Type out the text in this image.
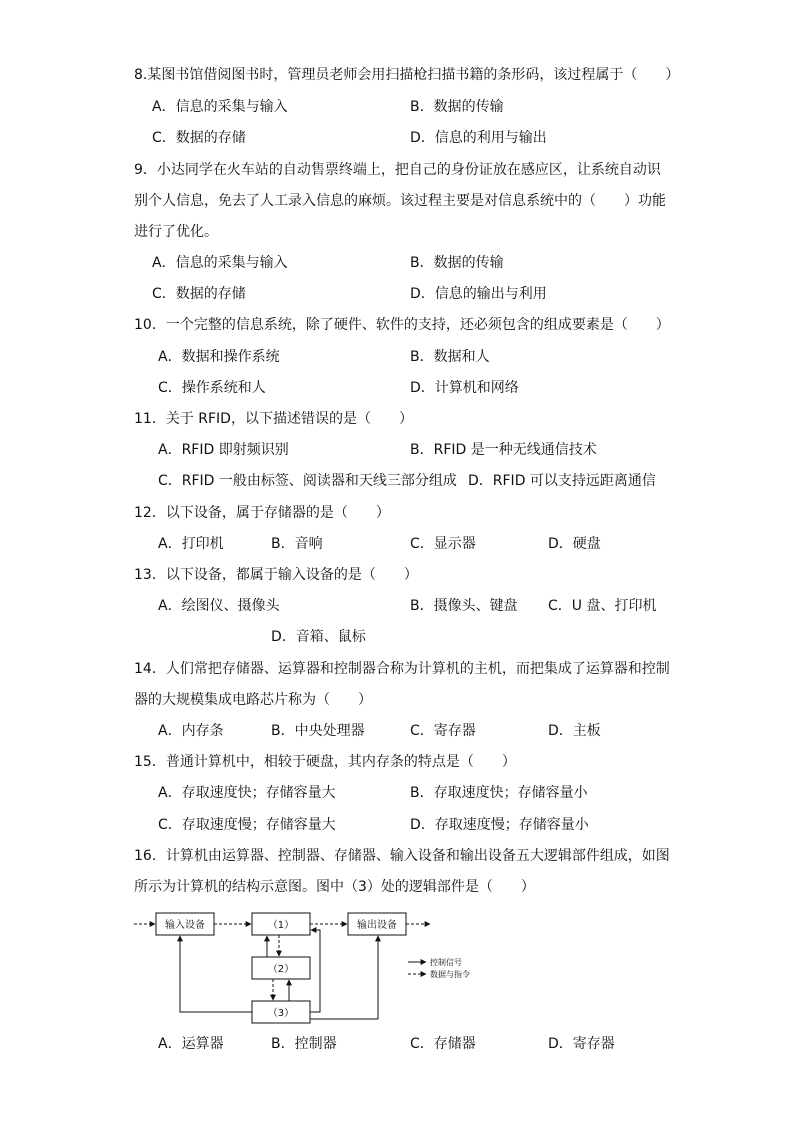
8.某图书馆借阅图书时，管理员老师会用扫描枪扫描书籍的条形码，该过程属于（　　）
A．信息的采集与输入	B．数据的传输
C．数据的存储	D．信息的利用与输出
9．小达同学在火车站的自动售票终端上，把自己的身份证放在感应区，让系统自动识
别个人信息，免去了人工录入信息的麻烦。该过程主要是对信息系统中的（　　）功能
进行了优化。
A．信息的采集与输入	B．数据的传输
C．数据的存储	D．信息的输出与利用
10．一个完整的信息系统，除了硬件、软件的支持，还必须包含的组成要素是（　　）
A．数据和操作系统	B．数据和人
C．操作系统和人	D．计算机和网络
11．关于 RFID，以下描述错误的是（　　）
A．RFID 即射频识别	B．RFID 是一种无线通信技术
C．RFID 一般由标签、阅读器和天线三部分组成 D．RFID 可以支持远距离通信
12．以下设备，属于存储器的是（　　）
A．打印机	B．音响	C．显示器	D．硬盘
13．以下设备，都属于输入设备的是（　　）
A．绘图仪、摄像头	B．摄像头、键盘 C．U 盘、打印机
D．音箱、鼠标
14．人们常把存储器、运算器和控制器合称为计算机的主机，而把集成了运算器和控制
器的大规模集成电路芯片称为（　　）
A．内存条	B．中央处理器	C．寄存器	D．主板
15．普通计算机中，相较于硬盘，其内存条的特点是（　　）
A．存取速度快；存储容量大	B．存取速度快；存储容量小
C．存取速度慢；存储容量大	D．存取速度慢；存储容量小
16．计算机由运算器、控制器、存储器、输入设备和输出设备五大逻辑部件组成，如图
所示为计算机的结构示意图。图中（3）处的逻辑部件是（　　）
输入设备	（1）	输出设备
（2）
（3）
控制信号
数据与指令
A．运算器	B．控制器	C．存储器	D．寄存器
